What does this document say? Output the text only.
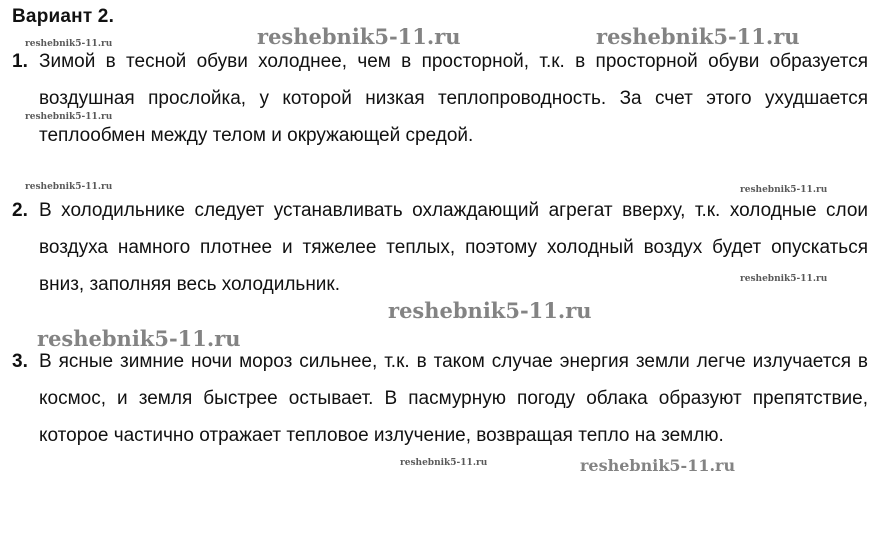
Вариант 2.
1. Зимой в тесной обуви холоднее, чем в просторной, т.к. в просторной обуви образуется воздушная прослойка, у которой низкая теплопроводность. За счет этого ухудшается теплообмен между телом и окружающей средой.
2. В холодильнике следует устанавливать охлаждающий агрегат вверху, т.к. холодные слои воздуха намного плотнее и тяжелее теплых, поэтому холодный воздух будет опускаться вниз, заполняя весь холодильник.
3. В ясные зимние ночи мороз сильнее, т.к. в таком случае энергия земли легче излучается в космос, и земля быстрее остывает. В пасмурную погоду облака образуют препятствие, которое частично отражает тепловое излучение, возвращая тепло на землю.
reshebnik5-11.ru	reshebnik5-11.ru
reshebnik5-11.ru
reshebnik5-11.ru
reshebnik5-11.ru	reshebnik5-11.ru
reshebnik5-11.ru
reshebnik5-11.ru
reshebnik5-11.ru
reshebnik5-11.ru	reshebnik5-11.ru
